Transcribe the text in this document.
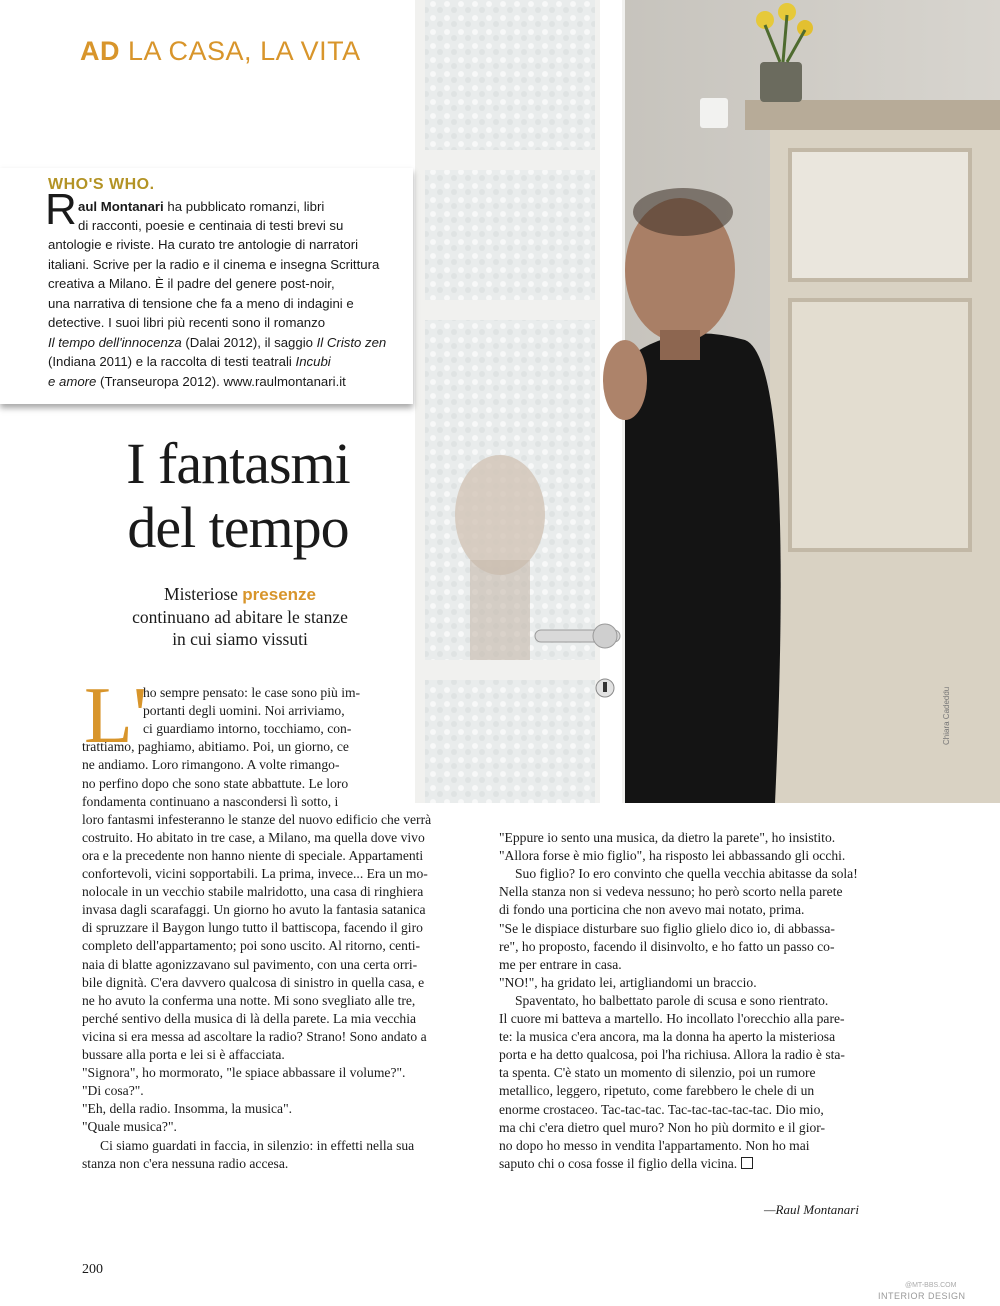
AD LA CASA, LA VITA
Chiara Cadeddu
WHO'S WHO.
R aul Montanari ha pubblicato romanzi, libri
di racconti, poesie e centinaia di testi brevi su
antologie e riviste. Ha curato tre antologie di narratori
italiani. Scrive per la radio e il cinema e insegna Scrittura
creativa a Milano. È il padre del genere post-noir,
una narrativa di tensione che fa a meno di indagini e
detective. I suoi libri più recenti sono il romanzo
Il tempo dell'innocenza (Dalai 2012), il saggio Il Cristo zen
(Indiana 2011) e la raccolta di testi teatrali Incubi
e amore (Transeuropa 2012). www.raulmontanari.it
I fantasmi
del tempo
Misteriose presenze
continuano ad abitare le stanze
in cui siamo vissuti
L'
ho sempre pensato: le case sono più im-
portanti degli uomini. Noi arriviamo,
ci guardiamo intorno, tocchiamo, con-
trattiamo, paghiamo, abitiamo. Poi, un giorno, ce
ne andiamo. Loro rimangono. A volte rimango-
no perfino dopo che sono state abbattute. Le loro
fondamenta continuano a nascondersi lì sotto, i
loro fantasmi infesteranno le stanze del nuovo edificio che verrà
costruito. Ho abitato in tre case, a Milano, ma quella dove vivo
ora e la precedente non hanno niente di speciale. Appartamenti
confortevoli, vicini sopportabili. La prima, invece... Era un mo-
nolocale in un vecchio stabile malridotto, una casa di ringhiera
invasa dagli scarafaggi. Un giorno ho avuto la fantasia satanica
di spruzzare il Baygon lungo tutto il battiscopa, facendo il giro
completo dell'appartamento; poi sono uscito. Al ritorno, centi-
naia di blatte agonizzavano sul pavimento, con una certa orri-
bile dignità. C'era davvero qualcosa di sinistro in quella casa, e
ne ho avuto la conferma una notte. Mi sono svegliato alle tre,
perché sentivo della musica di là della parete. La mia vecchia
vicina si era messa ad ascoltare la radio? Strano! Sono andato a
bussare alla porta e lei si è affacciata.
"Signora", ho mormorato, "le spiace abbassare il volume?".
"Di cosa?".
"Eh, della radio. Insomma, la musica".
"Quale musica?".
Ci siamo guardati in faccia, in silenzio: in effetti nella sua
stanza non c'era nessuna radio accesa.
"Eppure io sento una musica, da dietro la parete", ho insistito.
"Allora forse è mio figlio", ha risposto lei abbassando gli occhi.
Suo figlio? Io ero convinto che quella vecchia abitasse da sola!
Nella stanza non si vedeva nessuno; ho però scorto nella parete
di fondo una porticina che non avevo mai notato, prima.
"Se le dispiace disturbare suo figlio glielo dico io, di abbassa-
re", ho proposto, facendo il disinvolto, e ho fatto un passo co-
me per entrare in casa.
"NO!", ha gridato lei, artigliandomi un braccio.
Spaventato, ho balbettato parole di scusa e sono rientrato.
Il cuore mi batteva a martello. Ho incollato l'orecchio alla pare-
te: la musica c'era ancora, ma la donna ha aperto la misteriosa
porta e ha detto qualcosa, poi l'ha richiusa. Allora la radio è sta-
ta spenta. C'è stato un momento di silenzio, poi un rumore
metallico, leggero, ripetuto, come farebbero le chele di un
enorme crostaceo. Tac-tac-tac. Tac-tac-tac-tac-tac. Dio mio,
ma chi c'era dietro quel muro? Non ho più dormito e il gior-
no dopo ho messo in vendita l'appartamento. Non ho mai
saputo chi o cosa fosse il figlio della vicina.
—Raul Montanari
200
@MT-BBS.COM
INTERIOR DESIGN
